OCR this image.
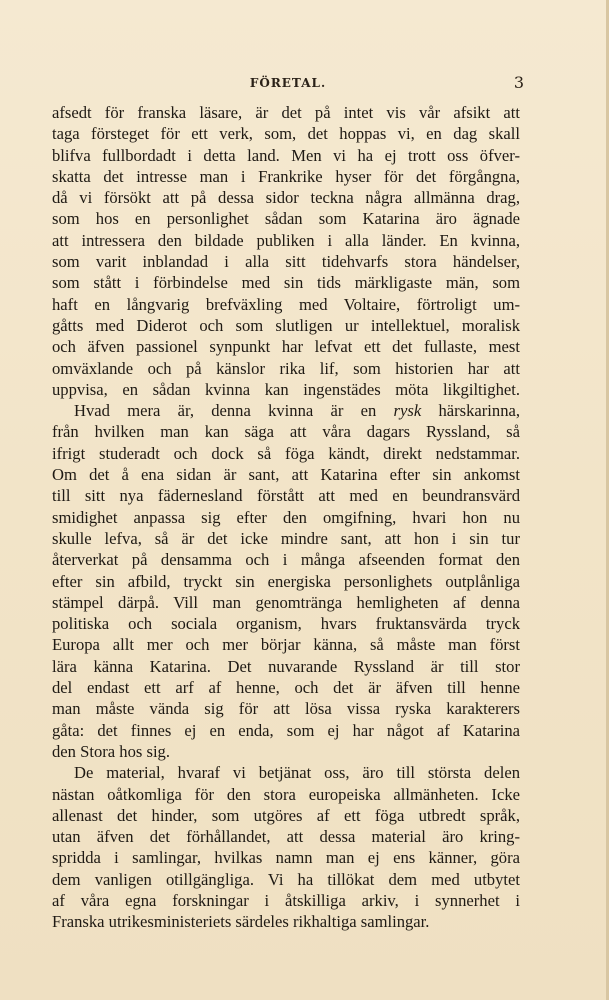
FÖRETAL.	3
afsedt för franska läsare, är det på intet vis vår afsikt att
taga försteget för ett verk, som, det hoppas vi, en dag skall
blifva fullbordadt i detta land. Men vi ha ej trott oss öfver-
skatta det intresse man i Frankrike hyser för det förgångna,
då vi försökt att på dessa sidor teckna några allmänna drag,
som hos en personlighet sådan som Katarina äro ägnade
att intressera den bildade publiken i alla länder. En kvinna,
som varit inblandad i alla sitt tidehvarfs stora händelser,
som stått i förbindelse med sin tids märkligaste män, som
haft en långvarig brefväxling med Voltaire, förtroligt um-
gåtts med Diderot och som slutligen ur intellektuel, moralisk
och äfven passionel synpunkt har lefvat ett det fullaste, mest
omväxlande och på känslor rika lif, som historien har att
uppvisa, en sådan kvinna kan ingenstädes möta likgiltighet.
Hvad mera är, denna kvinna är en rysk härskarinna,
från hvilken man kan säga att våra dagars Ryssland, så
ifrigt studeradt och dock så föga kändt, direkt nedstammar.
Om det å ena sidan är sant, att Katarina efter sin ankomst
till sitt nya fädernesland förstått att med en beundransvärd
smidighet anpassa sig efter den omgifning, hvari hon nu
skulle lefva, så är det icke mindre sant, att hon i sin tur
återverkat på densamma och i många afseenden format den
efter sin afbild, tryckt sin energiska personlighets outplånliga
stämpel därpå. Vill man genomtränga hemligheten af denna
politiska och sociala organism, hvars fruktansvärda tryck
Europa allt mer och mer börjar känna, så måste man först
lära känna Katarina. Det nuvarande Ryssland är till stor
del endast ett arf af henne, och det är äfven till henne
man måste vända sig för att lösa vissa ryska karakterers
gåta: det finnes ej en enda, som ej har något af Katarina
den Stora hos sig.
De material, hvaraf vi betjänat oss, äro till största delen
nästan oåtkomliga för den stora europeiska allmänheten. Icke
allenast det hinder, som utgöres af ett föga utbredt språk,
utan äfven det förhållandet, att dessa material äro kring-
spridda i samlingar, hvilkas namn man ej ens känner, göra
dem vanligen otillgängliga. Vi ha tillökat dem med utbytet
af våra egna forskningar i åtskilliga arkiv, i synnerhet i
Franska utrikesministeriets särdeles rikhaltiga samlingar.
